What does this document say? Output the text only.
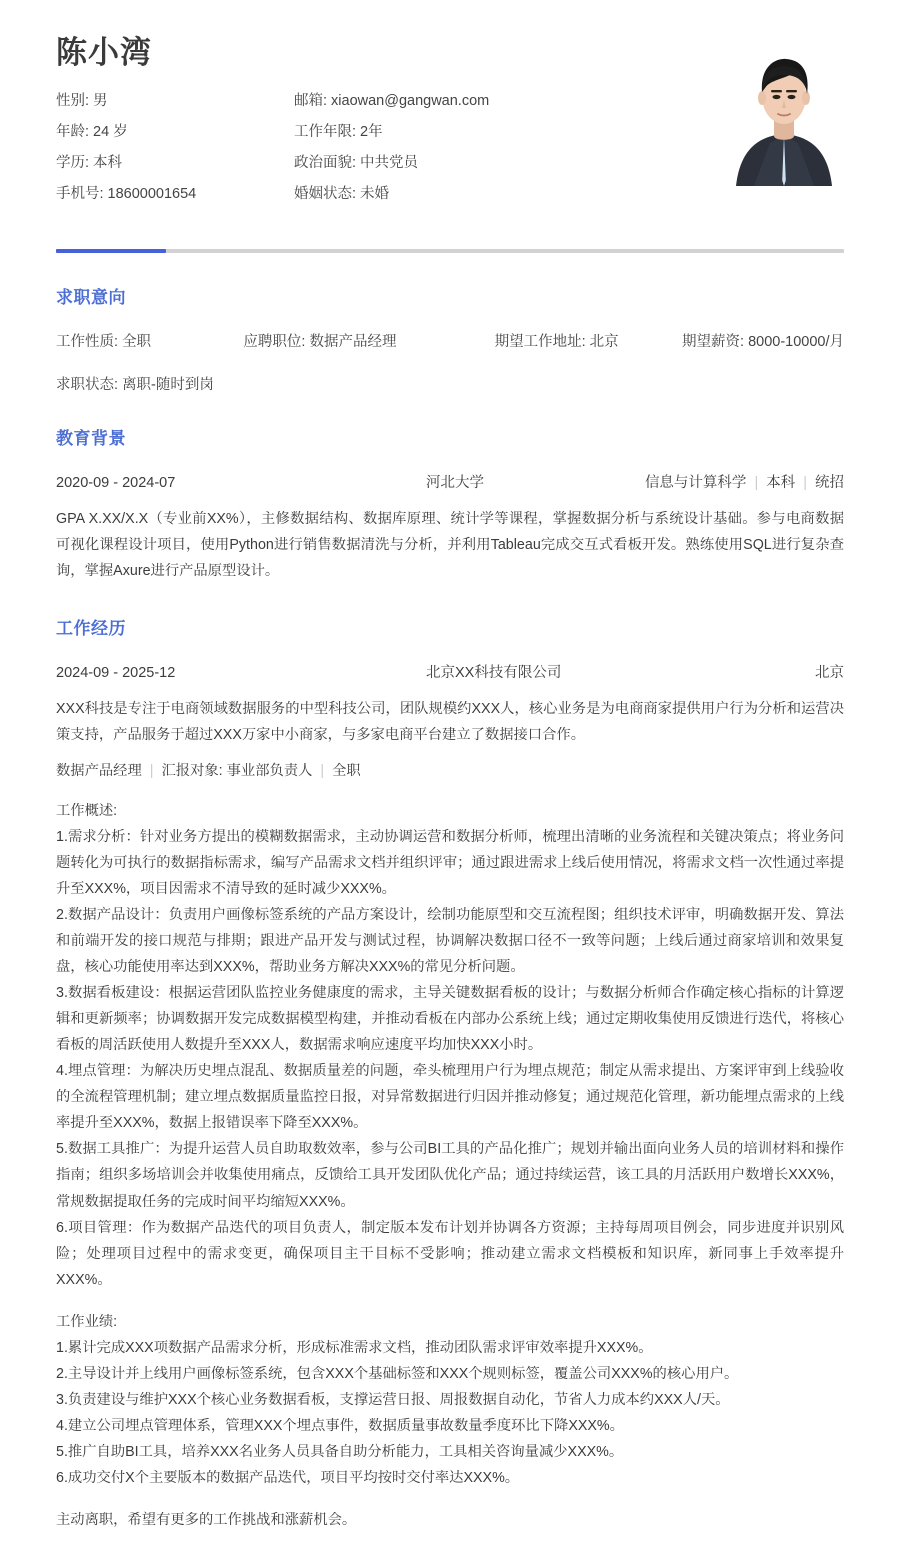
陈小湾
性别: 男	邮箱: xiaowan@gangwan.com
年龄: 24 岁	工作年限: 2年
学历: 本科	政治面貌: 中共党员
手机号: 18600001654	婚姻状态: 未婚
求职意向
工作性质: 全职	应聘职位: 数据产品经理	期望工作地址: 北京	期望薪资: 8000-10000/月
求职状态: 离职-随时到岗
教育背景
2020-09 - 2024-07	河北大学	信息与计算科学 | 本科 | 统招

GPA X.XX/X.X（专业前XX%），主修数据结构、数据库原理、统计学等课程，掌握数据分析与系统设计基础。参与电商数据可视化课程设计项目，使用Python进行销售数据清洗与分析，并利用Tableau完成交互式看板开发。熟练使用SQL进行复杂查询，掌握Axure进行产品原型设计。

工作经历
2024-09 - 2025-12	北京XX科技有限公司	北京

XXX科技是专注于电商领域数据服务的中型科技公司，团队规模约XXX人，核心业务是为电商商家提供用户行为分析和运营决策支持，产品服务于超过XXX万家中小商家，与多家电商平台建立了数据接口合作。

数据产品经理 | 汇报对象: 事业部负责人 | 全职

工作概述:

1.需求分析：针对业务方提出的模糊数据需求，主动协调运营和数据分析师，梳理出清晰的业务流程和关键决策点；将业务问题转化为可执行的数据指标需求，编写产品需求文档并组织评审；通过跟进需求上线后使用情况，将需求文档一次性通过率提升至XXX%，项目因需求不清导致的延时减少XXX%。

2.数据产品设计：负责用户画像标签系统的产品方案设计，绘制功能原型和交互流程图；组织技术评审，明确数据开发、算法和前端开发的接口规范与排期；跟进产品开发与测试过程，协调解决数据口径不一致等问题；上线后通过商家培训和效果复盘，核心功能使用率达到XXX%，帮助业务方解决XXX%的常见分析问题。

3.数据看板建设：根据运营团队监控业务健康度的需求，主导关键数据看板的设计；与数据分析师合作确定核心指标的计算逻辑和更新频率；协调数据开发完成数据模型构建，并推动看板在内部办公系统上线；通过定期收集使用反馈进行迭代，将核心看板的周活跃使用人数提升至XXX人，数据需求响应速度平均加快XXX小时。

4.埋点管理：为解决历史埋点混乱、数据质量差的问题，牵头梳理用户行为埋点规范；制定从需求提出、方案评审到上线验收的全流程管理机制；建立埋点数据质量监控日报，对异常数据进行归因并推动修复；通过规范化管理，新功能埋点需求的上线率提升至XXX%，数据上报错误率下降至XXX%。

5.数据工具推广：为提升运营人员自助取数效率，参与公司BI工具的产品化推广；规划并输出面向业务人员的培训材料和操作指南；组织多场培训会并收集使用痛点，反馈给工具开发团队优化产品；通过持续运营，该工具的月活跃用户数增长XXX%，常规数据提取任务的完成时间平均缩短XXX%。

6.项目管理：作为数据产品迭代的项目负责人，制定版本发布计划并协调各方资源；主持每周项目例会，同步进度并识别风险；处理项目过程中的需求变更，确保项目主干目标不受影响；推动建立需求文档模板和知识库，新同事上手效率提升XXX%。

工作业绩:

1.累计完成XXX项数据产品需求分析，形成标准需求文档，推动团队需求评审效率提升XXX%。

2.主导设计并上线用户画像标签系统，包含XXX个基础标签和XXX个规则标签，覆盖公司XXX%的核心用户。

3.负责建设与维护XXX个核心业务数据看板，支撑运营日报、周报数据自动化，节省人力成本约XXX人/天。

4.建立公司埋点管理体系，管理XXX个埋点事件，数据质量事故数量季度环比下降XXX%。

5.推广自助BI工具，培养XXX名业务人员具备自助分析能力，工具相关咨询量减少XXX%。

6.成功交付X个主要版本的数据产品迭代，项目平均按时交付率达XXX%。

主动离职，希望有更多的工作挑战和涨薪机会。
